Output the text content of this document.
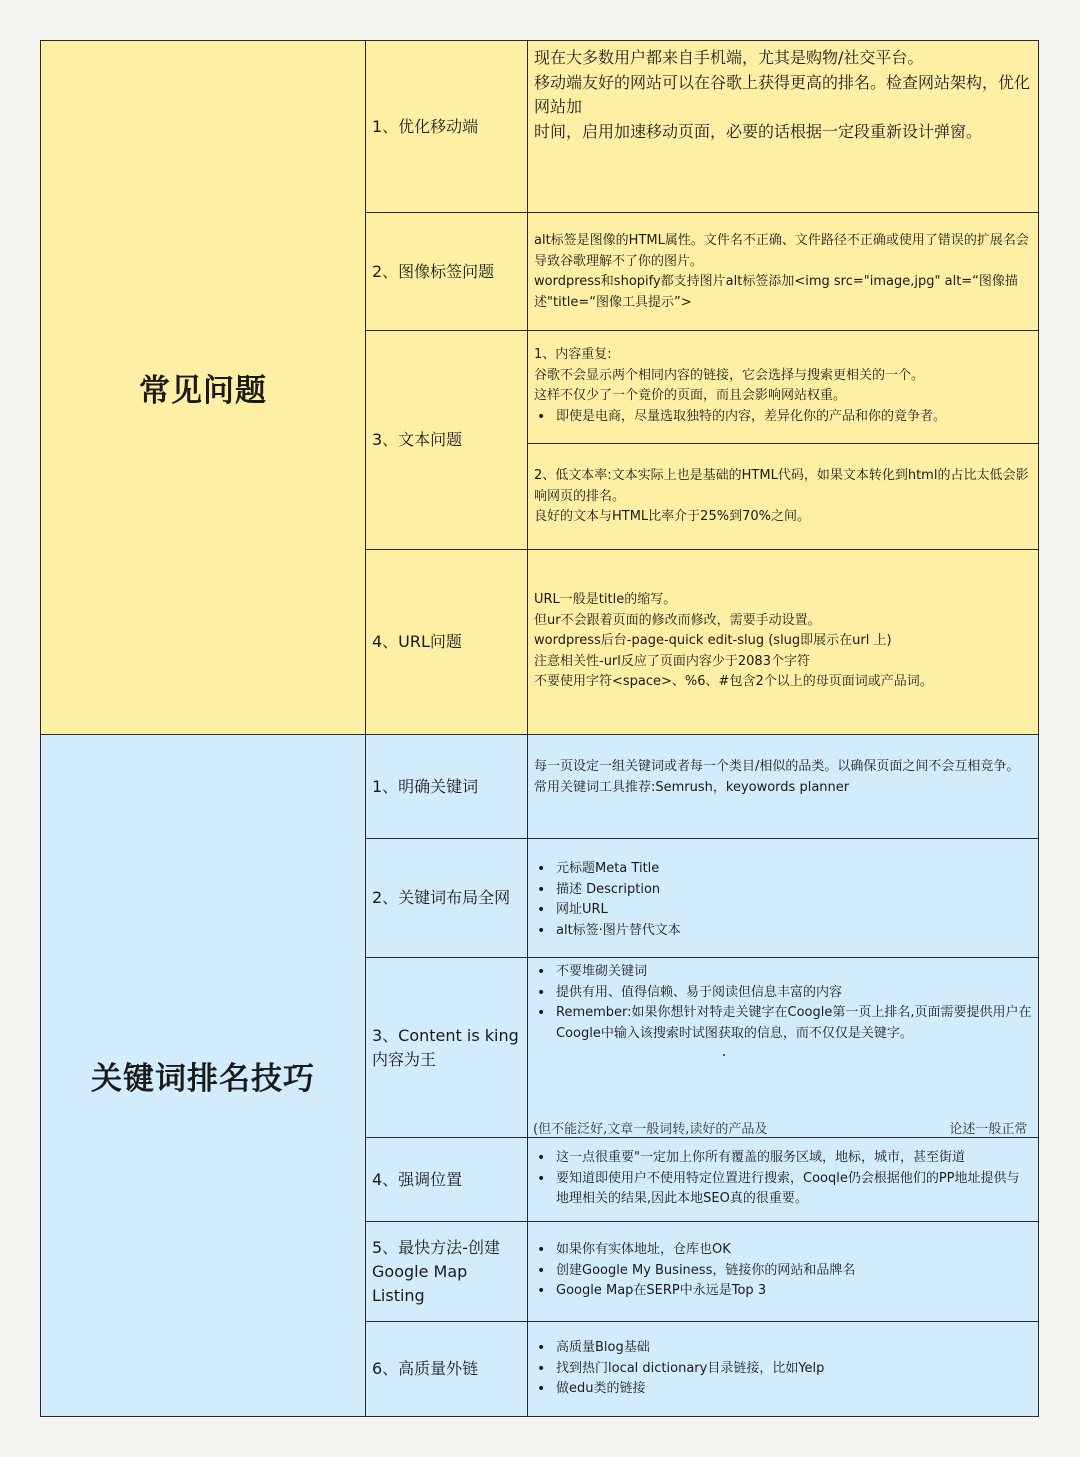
常见问题
1、优化移动端

现在大多数用户都来自手机端，尤其是购物/社交平台。

移动端友好的网站可以在谷歌上获得更高的排名。检查网站架构，优化网站加

时间，启用加速移动页面，必要的话根据一定段重新设计弹窗。

2、图像标签问题

alt标签是图像的HTML属性。文件名不正确、文件路径不正确或使用了错误的扩展名会导致谷歌理解不了你的图片。

wordpress和shopify都支持图片alt标签添加<img src="image,jpg" alt=“图像描述"title=“图像工具提示”>

3、文本问题

1、内容重复:

谷歌不会显示两个相同内容的链接，它会选择与搜索更相关的一个。

这样不仅少了一个竟价的页面，而且会影响网站权重。

• 即使是电商，尽量选取独特的内容，差异化你的产品和你的竟争者。

2、低文本率:文本实际上也是基础的HTML代码，如果文本转化到html的占比太低会影响网页的排名。

良好的文本与HTML比率介于25%到70%之间。

4、URL问题

URL一般是title的缩写。

但ur不会跟着页面的修改而修改，需要手动设置。

wordpress后台-page-quick edit-slug (slug即展示在url 上)

注意相关性-url反应了页面内容少于2083个字符

不要使用字符<space>、%6、#包含2个以上的母页面词或产品词。

关键词排名技巧
1、明确关键词

每一页设定一组关键词或者每一个类目/相似的品类。以确保页面之间不会互相竞争。

常用关键词工具推荐:Semrush，keyowords planner

2、关键词布局全网
• 元标题Meta Title
• 描述 Description
• 网址URL
• alt标签·图片替代文本
3、Content is king
内容为王
• 不要堆砌关键词
• 提供有用、值得信赖、易于阅读但信息丰富的内容
• Remember:如果你想针对特走关键字在Coogle第一页上排名,页面需要提供用户在Coogle中输入该搜索时试图获取的信息，而不仅仅是关键字。
(但不能泛好,文章一般词转,读好的产品及　　　　　　　　　　　　　　论述一般正常
4、强调位置
• 这一点很重要"一定加上你所有覆盖的服务区域，地标，城市，甚至街道
• 要知道即使用户不使用特定位置进行搜索，Cooqle仍会根据他们的PP地址提供与地理相关的结果,因此本地SEO真的很重要。
5、最快方法-创建
Google Map Listing
• 如果你有实体地址，仓库也OK
• 创建Google My Business，链接你的网站和品牌名
• Google Map在SERP中永远是Top 3
6、高质量外链
• 高质量Blog基础
• 找到热门local dictionary目录链接，比如Yelp
• 做edu类的链接
